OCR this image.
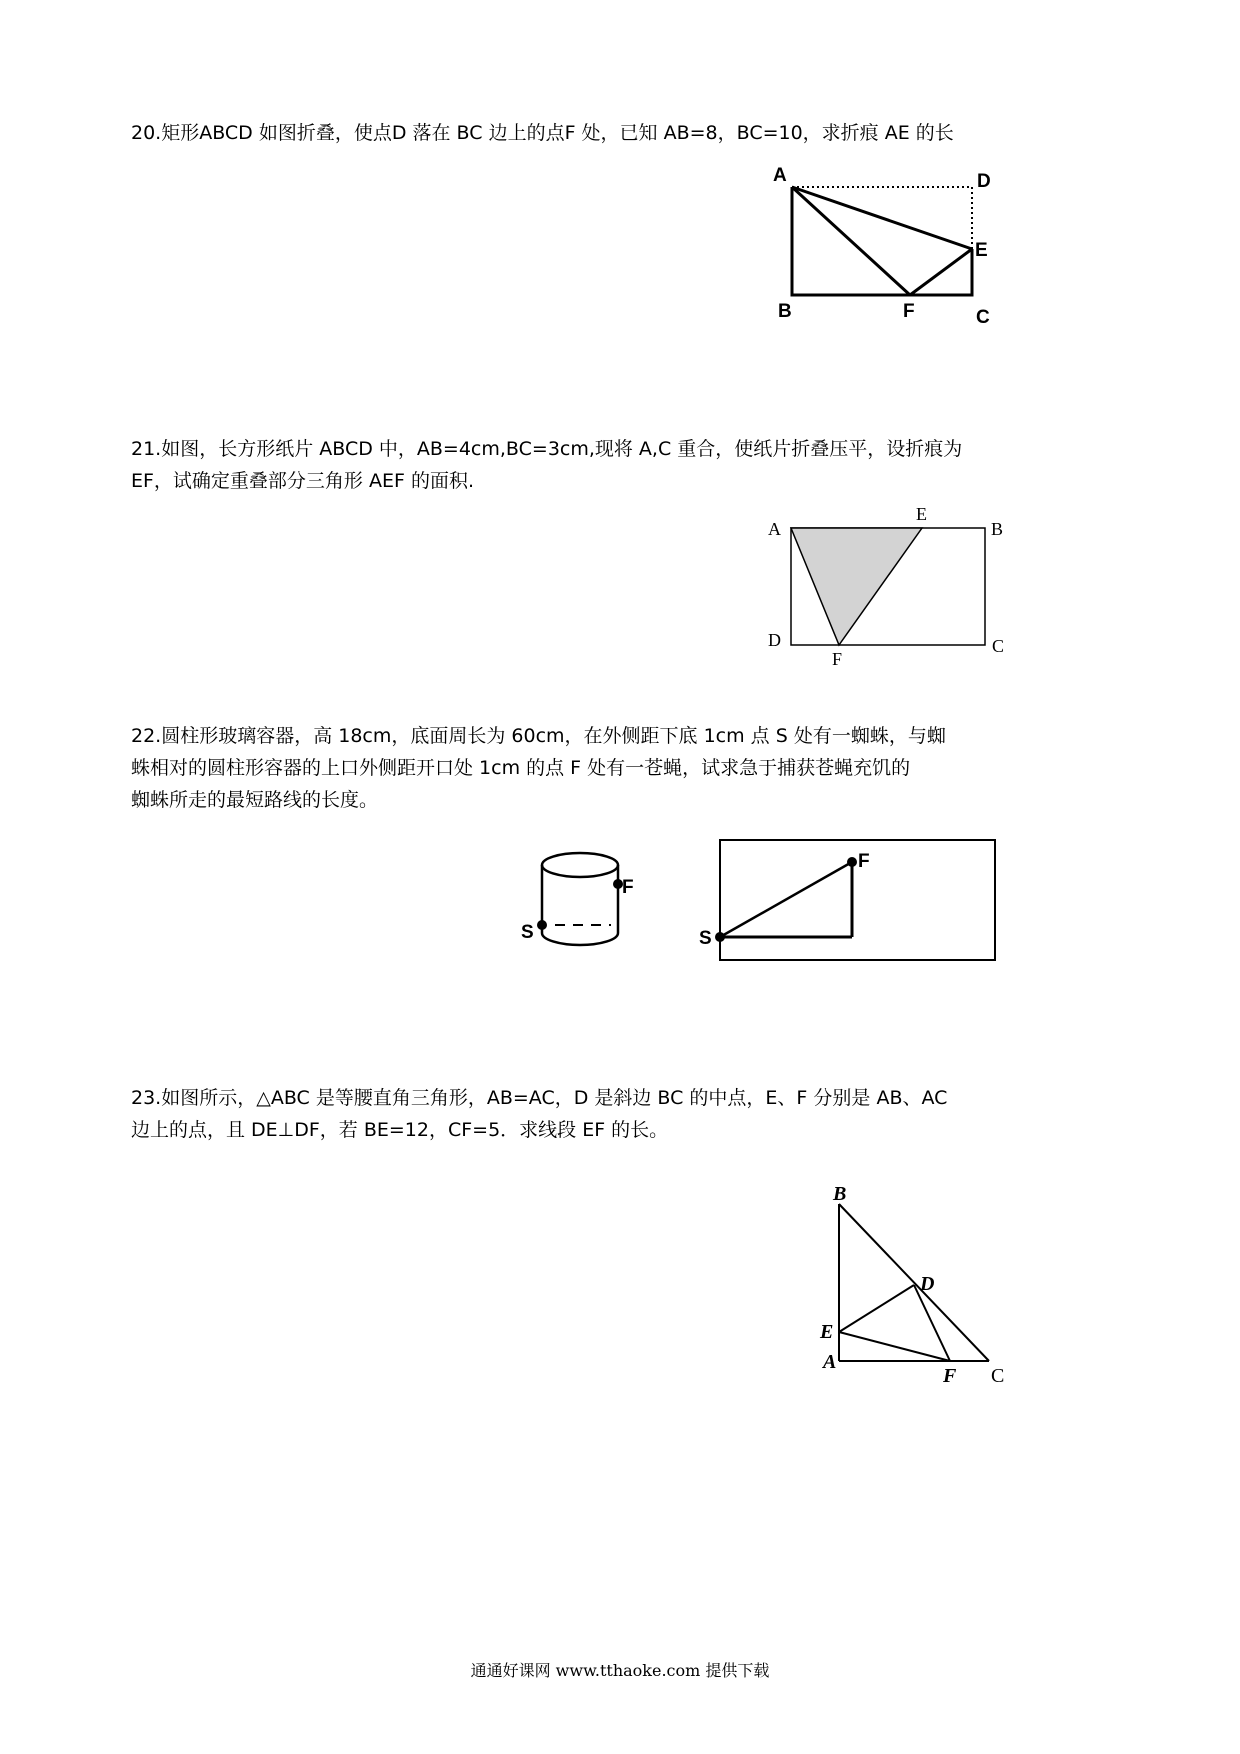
20.矩形ABCD 如图折叠，使点D 落在 BC 边上的点F 处，已知 AB=8，BC=10，求折痕 AE 的长

A	D
E
B	F	C

21.如图，长方形纸片 ABCD 中，AB=4cm,BC=3cm,现将 A,C 重合，使纸片折叠压平，设折痕为

EF，试确定重叠部分三角形 AEF 的面积.

A
E
B
D	C
F

22.圆柱形玻璃容器，高 18cm，底面周长为 60cm，在外侧距下底 1cm 点 S 处有一蜘蛛，与蜘

蛛相对的圆柱形容器的上口外侧距开口处 1cm 的点 F 处有一苍蝇，试求急于捕获苍蝇充饥的

蜘蛛所走的最短路线的长度。

F
S
F
S

23.如图所示，△ABC 是等腰直角三角形，AB=AC，D 是斜边 BC 的中点，E、F 分别是 AB、AC

边上的点，且 DE⊥DF，若 BE=12，CF=5．求线段 EF 的长。

B
D
E
A
F C
通通好课网 www.tthaoke.com 提供下载
